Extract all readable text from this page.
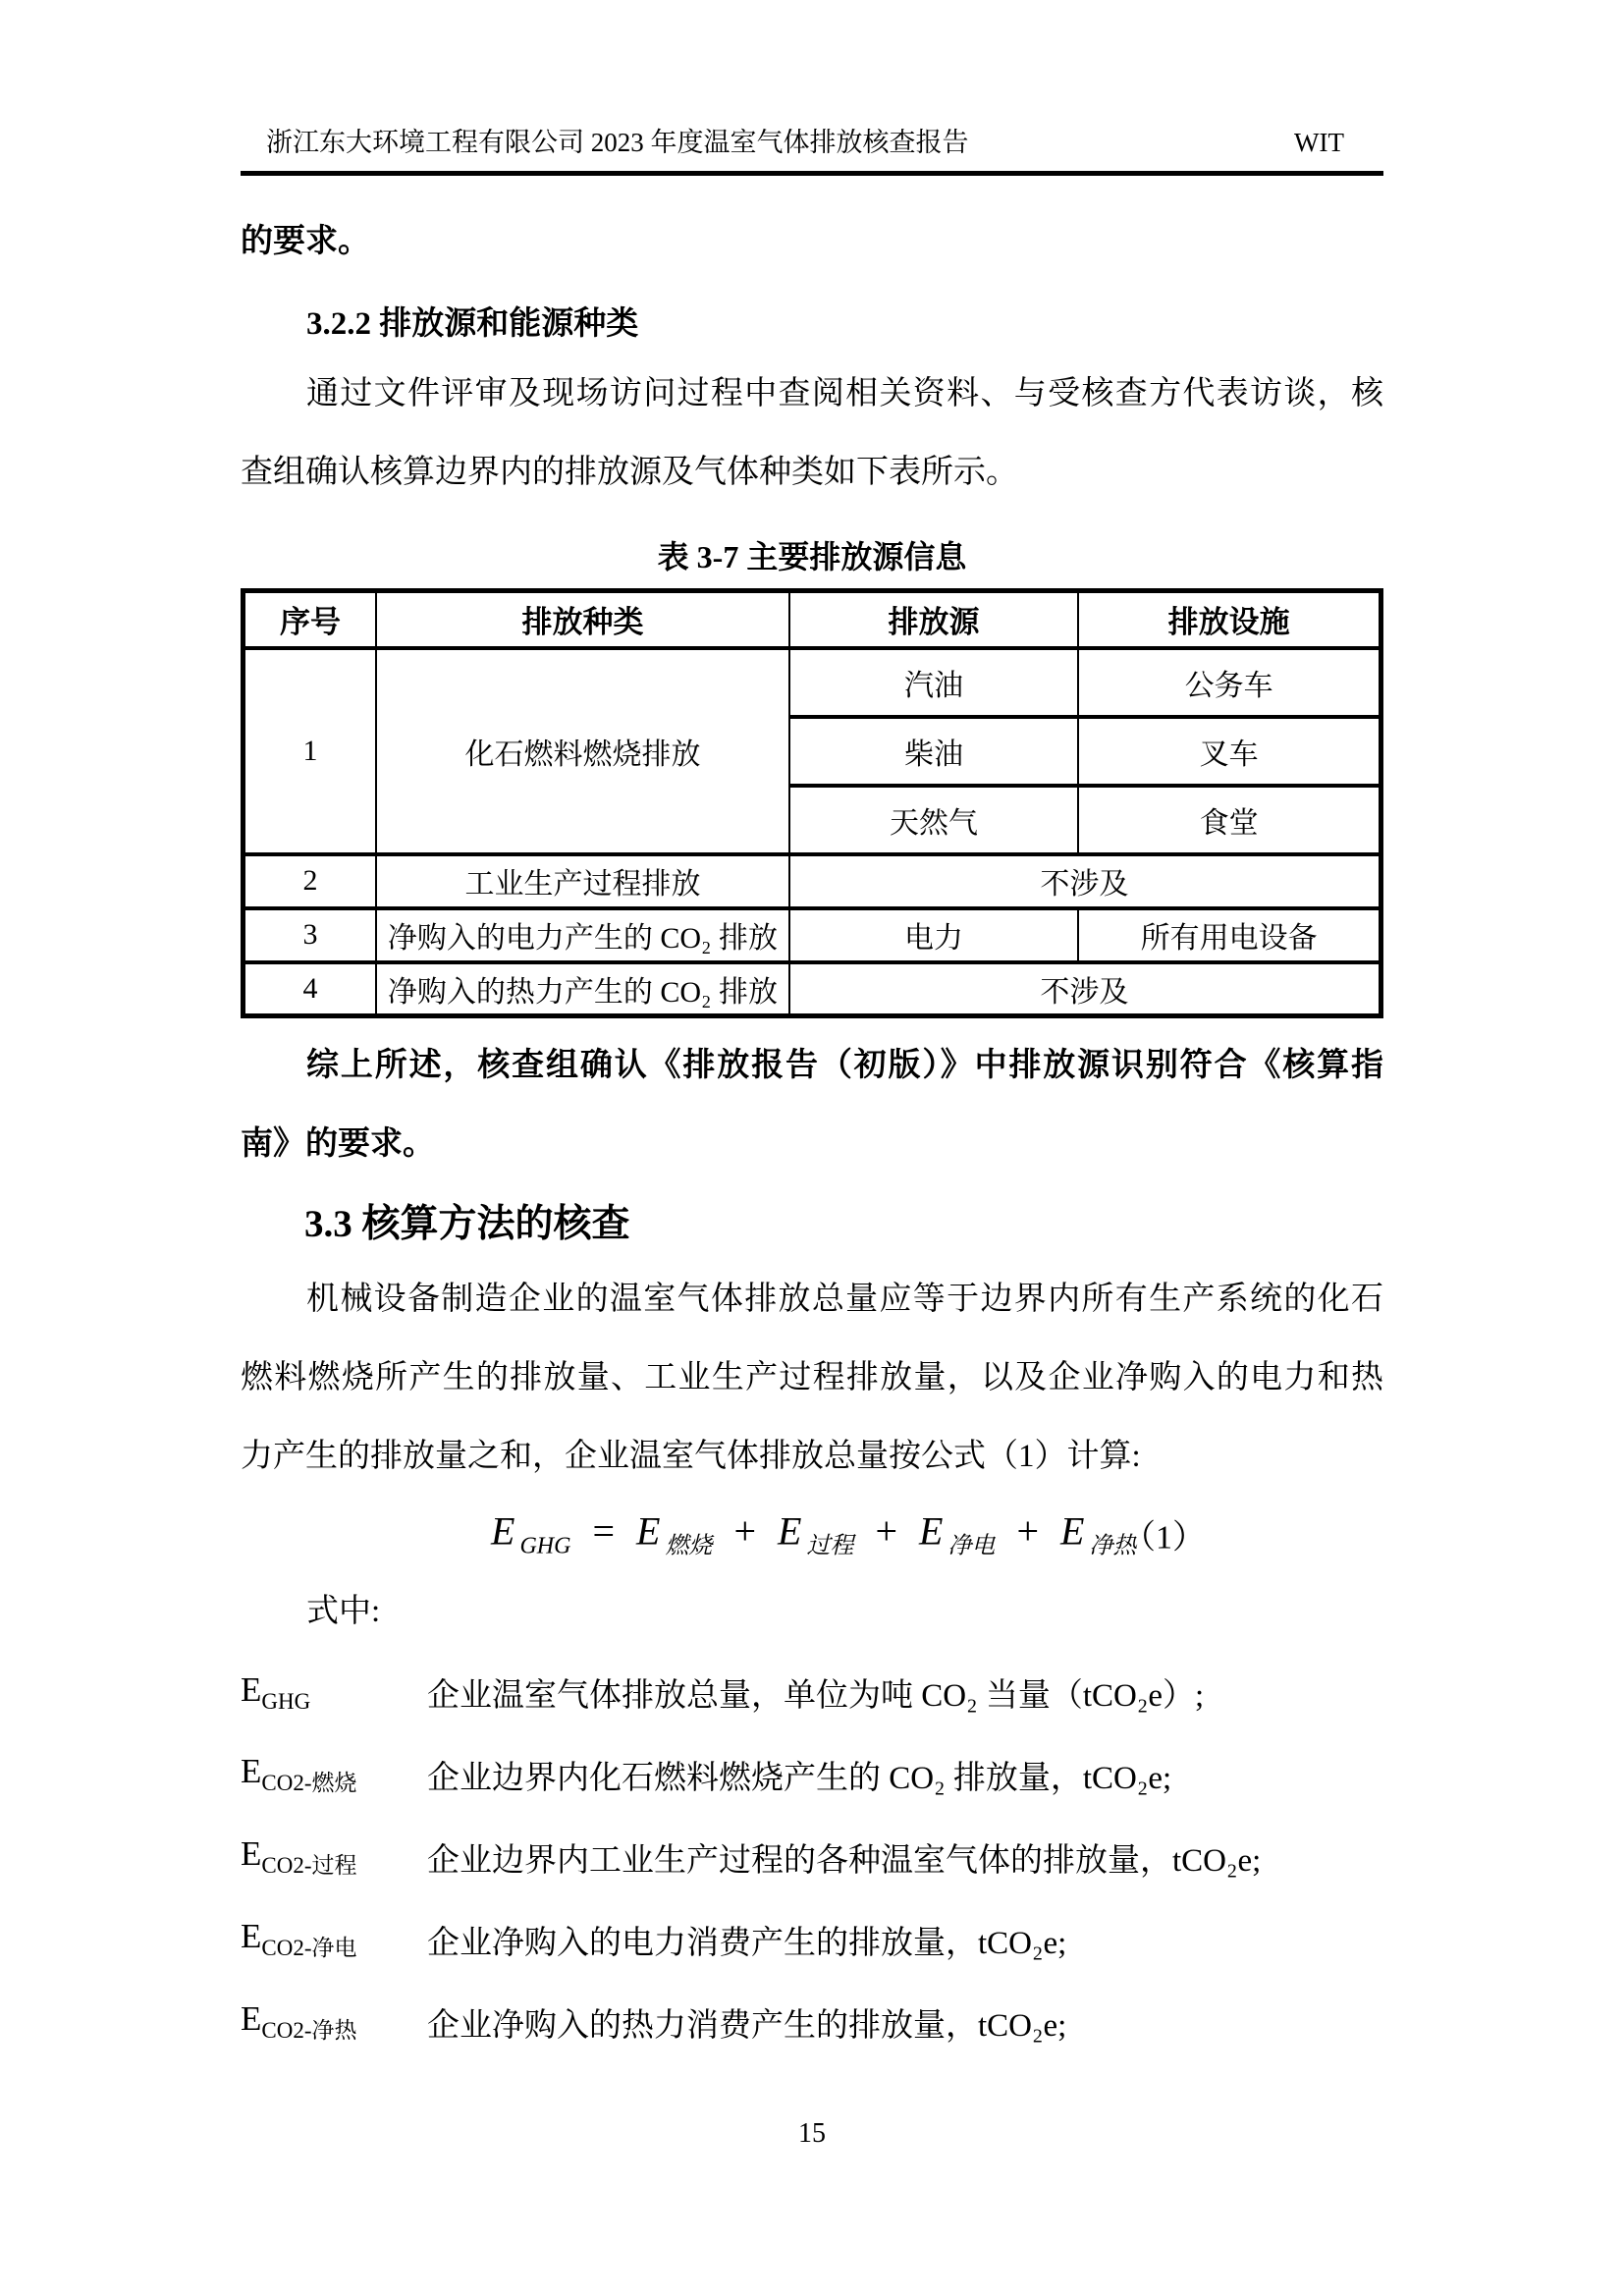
浙江东大环境工程有限公司 2023 年度温室气体排放核查报告	WIT

的要求。

3.2.2 排放源和能源种类

通过文件评审及现场访问过程中查阅相关资料、与受核查方代表访谈，核
查组确认核算边界内的排放源及气体种类如下表所示。

表 3-7 主要排放源信息
序号	排放种类	排放源	排放设施
1	化石燃料燃烧排放	汽油	公务车
		柴油	叉车
		天然气	食堂
2	工业生产过程排放	不涉及	
3	净购入的电力产生的 CO₂ 排放	电力	所有用电设备
4	净购入的热力产生的 CO₂ 排放	不涉及	

综上所述，核查组确认《排放报告（初版）》中排放源识别符合《核算指
南》的要求。

3.3 核算方法的核查

机械设备制造企业的温室气体排放总量应等于边界内所有生产系统的化石
燃料燃烧所产生的排放量、工业生产过程排放量，以及企业净购入的电力和热
力产生的排放量之和，企业温室气体排放总量按公式（1）计算:

E $_{GHG}$ = E $_{燃烧}$ + E $_{过程}$ + E $_{净电}$ + E $_{净热}$
（1）

式中:

$E_{GHG}$	企业温室气体排放总量，单位为吨 CO₂ 当量（tCO₂e）;
$E_{CO2-燃烧}$	企业边界内化石燃料燃烧产生的 CO₂ 排放量，tCO₂e;
$E_{CO2-过程}$	企业边界内工业生产过程的各种温室气体的排放量，tCO₂e;
$E_{CO2-净电}$	企业净购入的电力消费产生的排放量，tCO₂e;
$E_{CO2-净热}$	企业净购入的热力消费产生的排放量，tCO₂e;
15
